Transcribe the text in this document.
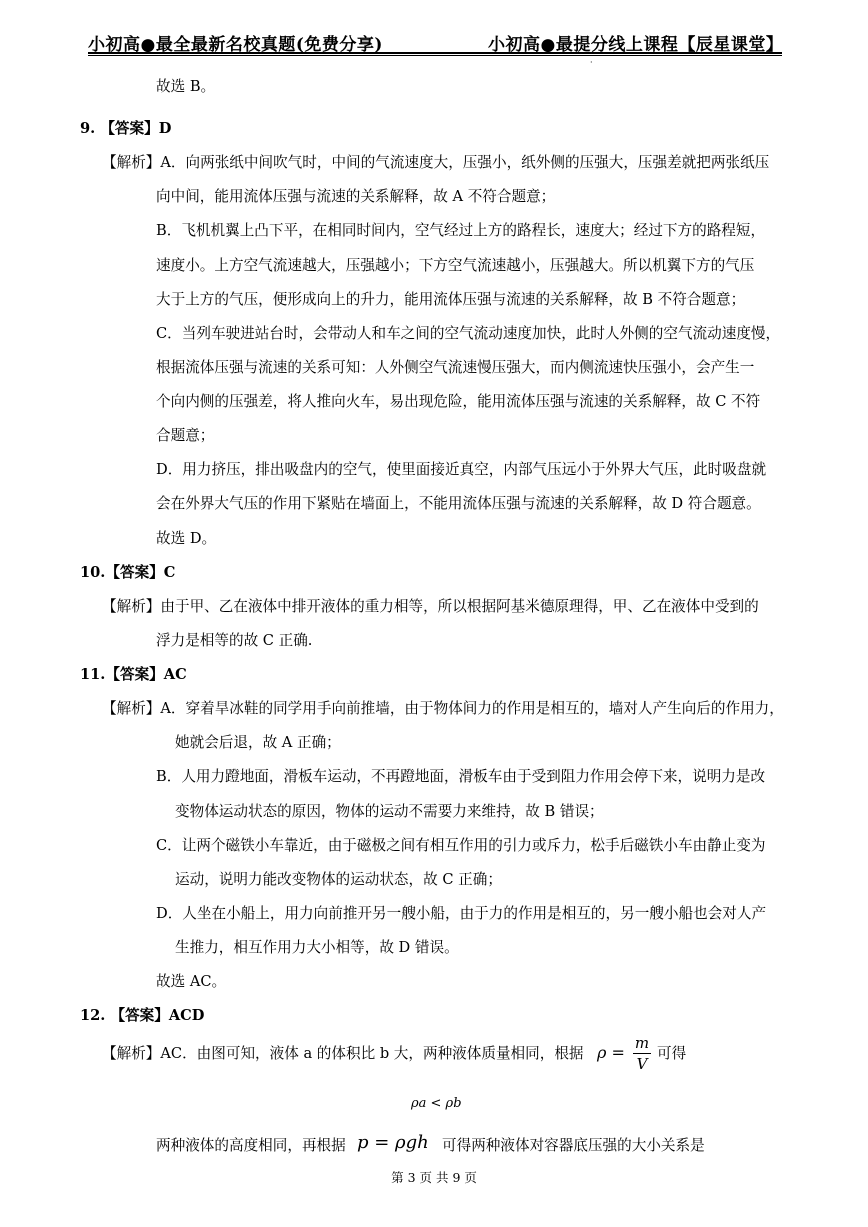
小初高●最全最新名校真题(免费分享)	小初高●最提分线上课程【辰星课堂】
·
故选 B。
9. 【答案】D
【解析】A．向两张纸中间吹气时，中间的气流速度大，压强小，纸外侧的压强大，压强差就把两张纸压
向中间，能用流体压强与流速的关系解释，故 A 不符合题意；
B．飞机机翼上凸下平，在相同时间内，空气经过上方的路程长，速度大；经过下方的路程短，
速度小。上方空气流速越大，压强越小；下方空气流速越小，压强越大。所以机翼下方的气压
大于上方的气压，便形成向上的升力，能用流体压强与流速的关系解释，故 B 不符合题意；
C．当列车驶进站台时，会带动人和车之间的空气流动速度加快，此时人外侧的空气流动速度慢，
根据流体压强与流速的关系可知：人外侧空气流速慢压强大，而内侧流速快压强小，会产生一
个向内侧的压强差，将人推向火车，易出现危险，能用流体压强与流速的关系解释，故 C 不符
合题意；
D．用力挤压，排出吸盘内的空气，使里面接近真空，内部气压远小于外界大气压，此时吸盘就
会在外界大气压的作用下紧贴在墙面上，不能用流体压强与流速的关系解释，故 D 符合题意。
故选 D。
10.【答案】C
【解析】由于甲、乙在液体中排开液体的重力相等，所以根据阿基米德原理得，甲、乙在液体中受到的
浮力是相等的故 C 正确.
11.【答案】AC
【解析】A．穿着旱冰鞋的同学用手向前推墙，由于物体间力的作用是相互的，墙对人产生向后的作用力，
她就会后退，故 A 正确；
B．人用力蹬地面，滑板车运动，不再蹬地面，滑板车由于受到阻力作用会停下来，说明力是改
变物体运动状态的原因，物体的运动不需要力来维持，故 B 错误；
C．让两个磁铁小车靠近，由于磁极之间有相互作用的引力或斥力，松手后磁铁小车由静止变为
运动，说明力能改变物体的运动状态，故 C 正确；
D．人坐在小船上，用力向前推开另一艘小船，由于力的作用是相互的，另一艘小船也会对人产
生推力，相互作用力大小相等，故 D 错误。
故选 AC。
12. 【答案】ACD
【解析】AC．由图可知，液体 a 的体积比 b 大，两种液体质量相同，根据 ρ = m
V
可得
ρa < ρb
两种液体的高度相同，再根据 p = ρgh 可得两种液体对容器底压强的大小关系是
第 3 页 共 9 页
